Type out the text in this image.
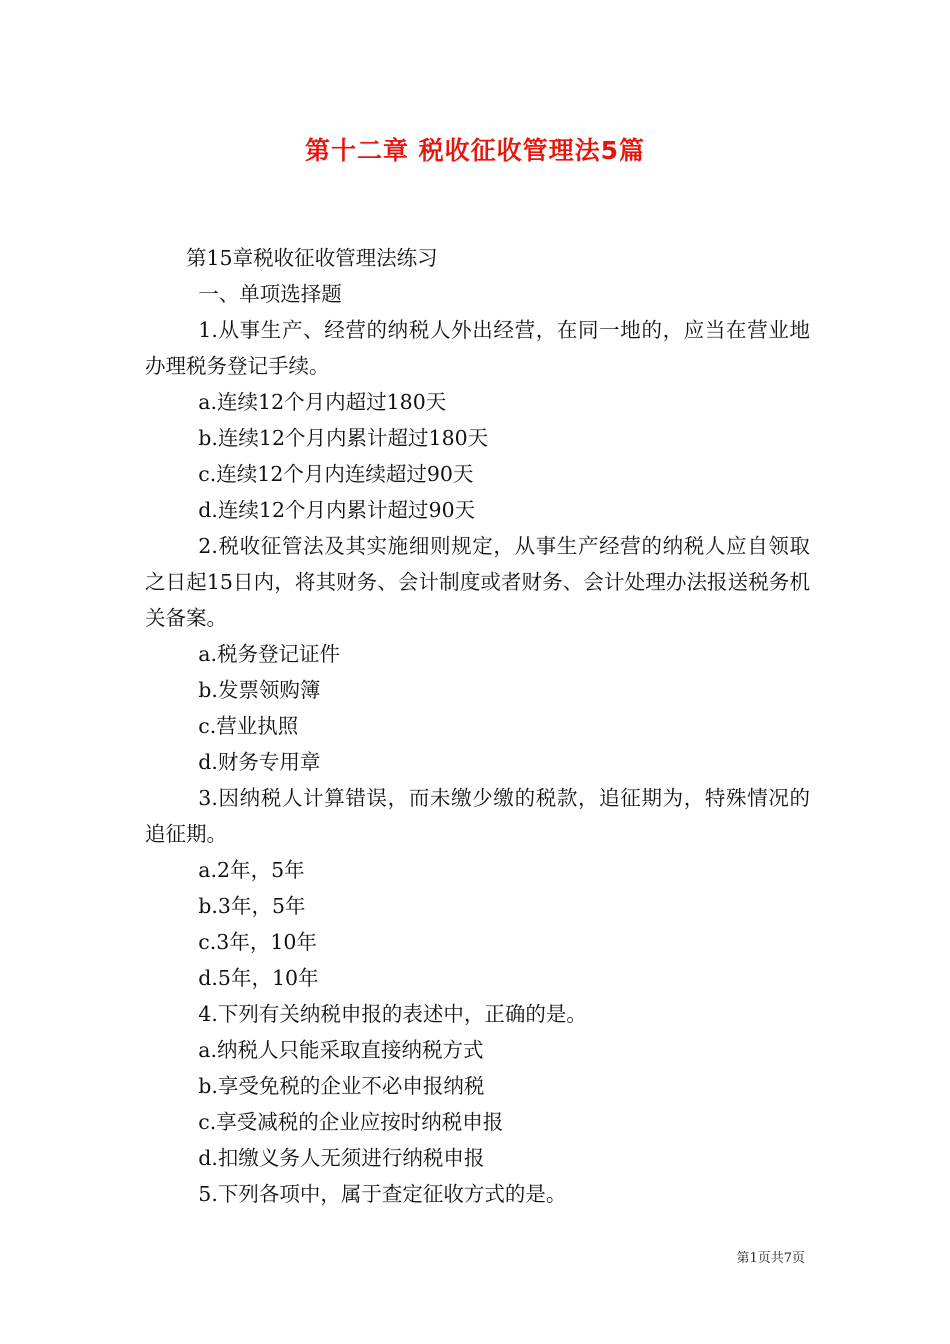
第十二章 税收征收管理法5篇

第15章税收征收管理法练习

一、单项选择题

1.从事生产、经营的纳税人外出经营，在同一地的，应当在营业地办理税务登记手续。

a.连续12个月内超过180天

b.连续12个月内累计超过180天

c.连续12个月内连续超过90天

d.连续12个月内累计超过90天

2.税收征管法及其实施细则规定，从事生产经营的纳税人应自领取之日起15日内，将其财务、会计制度或者财务、会计处理办法报送税务机关备案。

a.税务登记证件

b.发票领购簿

c.营业执照

d.财务专用章

3.因纳税人计算错误，而未缴少缴的税款，追征期为，特殊情况的追征期。

a.2年，5年

b.3年，5年

c.3年，10年

d.5年，10年

4.下列有关纳税申报的表述中，正确的是。

a.纳税人只能采取直接纳税方式

b.享受免税的企业不必申报纳税

c.享受减税的企业应按时纳税申报

d.扣缴义务人无须进行纳税申报

5.下列各项中，属于查定征收方式的是。

第1页共7页
